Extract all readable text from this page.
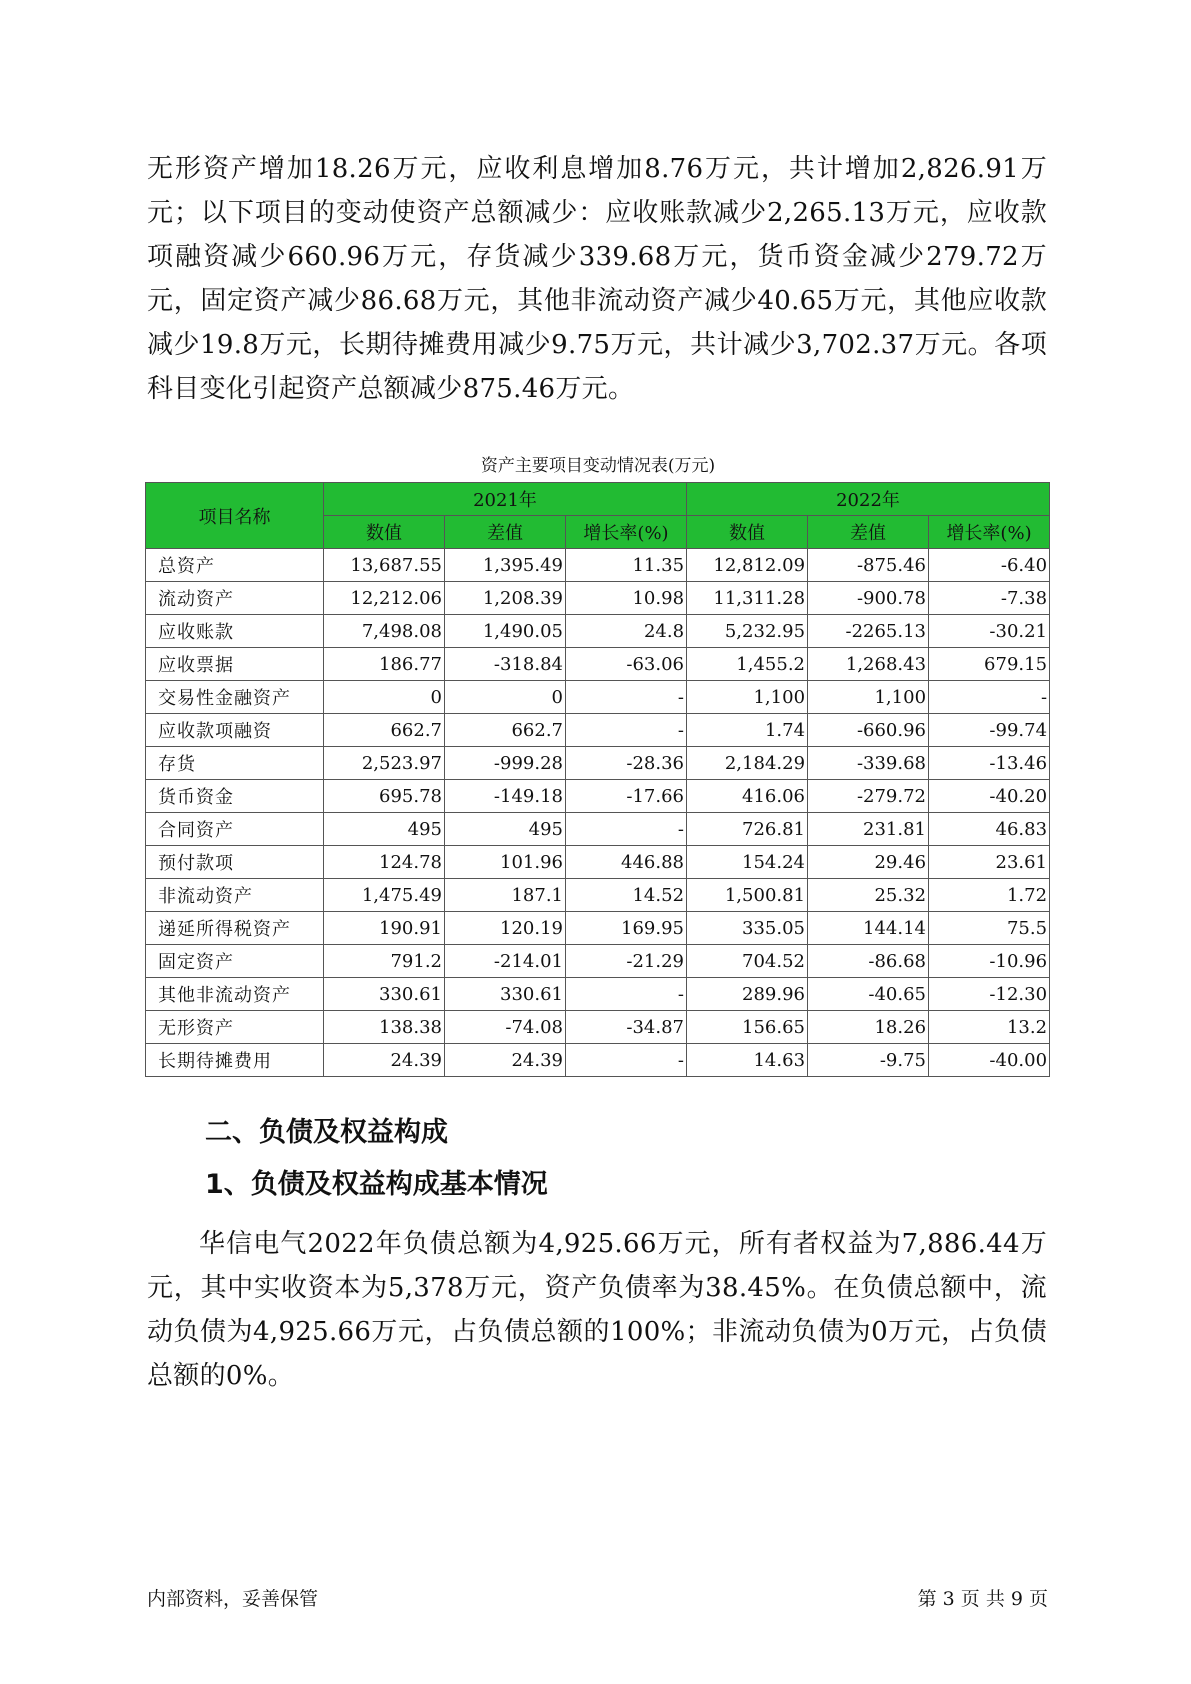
无形资产增加18.26万元，应收利息增加8.76万元，共计增加2,826.91万元；以下项目的变动使资产总额减少：应收账款减少2,265.13万元，应收款项融资减少660.96万元，存货减少339.68万元，货币资金减少279.72万元，固定资产减少86.68万元，其他非流动资产减少40.65万元，其他应收款减少19.8万元，长期待摊费用减少9.75万元，共计减少3,702.37万元。各项科目变化引起资产总额减少875.46万元。

资产主要项目变动情况表(万元)
项目名称	2021年			2022年		
	数值	差值	增长率(%)	数值	差值	增长率(%)
总资产	13,687.55	1,395.49	11.35	12,812.09	-875.46	-6.40
流动资产	12,212.06	1,208.39	10.98	11,311.28	-900.78	-7.38
应收账款	7,498.08	1,490.05	24.8	5,232.95	-2265.13	-30.21
应收票据	186.77	-318.84	-63.06	1,455.2	1,268.43	679.15
交易性金融资产	0	0	-	1,100	1,100	-
应收款项融资	662.7	662.7	-	1.74	-660.96	-99.74
存货	2,523.97	-999.28	-28.36	2,184.29	-339.68	-13.46
货币资金	695.78	-149.18	-17.66	416.06	-279.72	-40.20
合同资产	495	495	-	726.81	231.81	46.83
预付款项	124.78	101.96	446.88	154.24	29.46	23.61
非流动资产	1,475.49	187.1	14.52	1,500.81	25.32	1.72
递延所得税资产	190.91	120.19	169.95	335.05	144.14	75.5
固定资产	791.2	-214.01	-21.29	704.52	-86.68	-10.96
其他非流动资产	330.61	330.61	-	289.96	-40.65	-12.30
无形资产	138.38	-74.08	-34.87	156.65	18.26	13.2
长期待摊费用	24.39	24.39	-	14.63	-9.75	-40.00
二、负债及权益构成
1、负债及权益构成基本情况

华信电气2022年负债总额为4,925.66万元，所有者权益为7,886.44万元，其中实收资本为5,378万元，资产负债率为38.45%。在负债总额中，流动负债为4,925.66万元，占负债总额的100%；非流动负债为0万元，占负债总额的0%。

内部资料，妥善保管	第 3 页 共 9 页
